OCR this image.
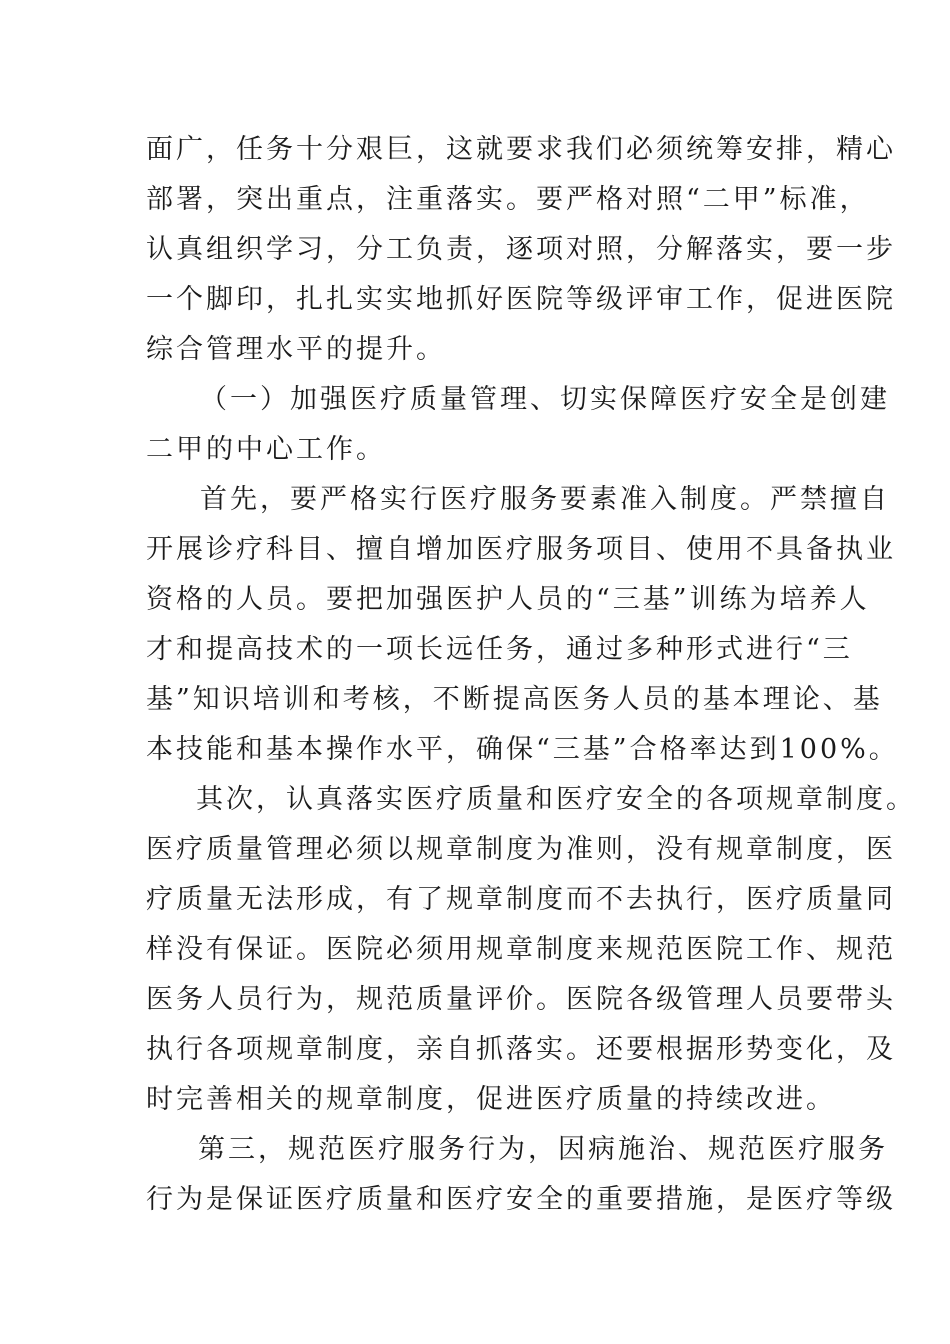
面广，任务十分艰巨，这就要求我们必须统筹安排，精心
部署，突出重点，注重落实。要严格对照“二甲”标准，
认真组织学习，分工负责，逐项对照，分解落实，要一步
一个脚印，扎扎实实地抓好医院等级评审工作，促进医院
综合管理水平的提升。
（一）加强医疗质量管理、切实保障医疗安全是创建
二甲的中心工作。
首先，要严格实行医疗服务要素准入制度。严禁擅自
开展诊疗科目、擅自增加医疗服务项目、使用不具备执业
资格的人员。要把加强医护人员的“三基”训练为培养人
才和提高技术的一项长远任务，通过多种形式进行“三
基”知识培训和考核，不断提高医务人员的基本理论、基
本技能和基本操作水平，确保“三基”合格率达到100%。
其次，认真落实医疗质量和医疗安全的各项规章制度。
医疗质量管理必须以规章制度为准则，没有规章制度，医
疗质量无法形成，有了规章制度而不去执行，医疗质量同
样没有保证。医院必须用规章制度来规范医院工作、规范
医务人员行为，规范质量评价。医院各级管理人员要带头
执行各项规章制度，亲自抓落实。还要根据形势变化，及
时完善相关的规章制度，促进医疗质量的持续改进。
第三，规范医疗服务行为，因病施治、规范医疗服务
行为是保证医疗质量和医疗安全的重要措施，是医疗等级
